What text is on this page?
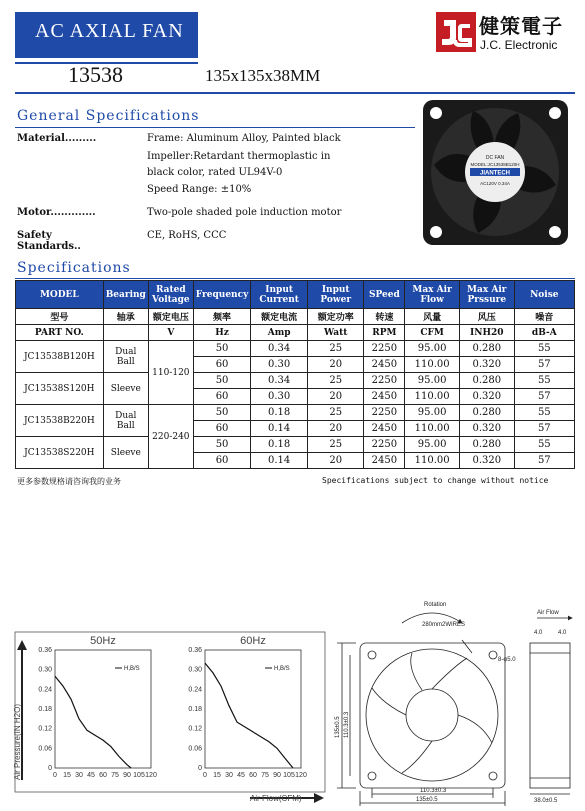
AC AXIAL FAN
13538	135x135x38MM
健策電子
J.C. Electronic
General Specifications
Material.........	Frame: Aluminum Alloy, Painted black
Impeller:Retardant thermoplastic in
black color, rated UL94V-0
Speed Range: ±10%
Motor.............	Two-pole shaded pole induction motor
Safety Standards..
CE, RoHS, CCC
DC FAN
MODEL:JC13538B120H
JIANTECH
AC120V 0.34A
Specifications
MODEL	Bearing	Rated Voltage	Frequency	Input Current	Input Power	SPeed	Max Air Flow	Max Air Prssure	Noise
型号	轴承	额定电压	频率	额定电流	额定功率	转速	风量	风压	噪音
PART NO.		V	Hz	Amp	Watt	RPM	CFM	INH20	dB-A
JC13538B120H	Dual Ball	110-120	50	0.34	25	2250	95.00	0.280	55
			60	0.30	20	2450	110.00	0.320	57
JC13538S120H	Sleeve		50	0.34	25	2250	95.00	0.280	55
			60	0.30	20	2450	110.00	0.320	57
JC13538B220H	Dual Ball	220-240	50	0.18	25	2250	95.00	0.280	55
			60	0.14	20	2450	110.00	0.320	57
JC13538S220H	Sleeve		50	0.18	25	2250	95.00	0.280	55
			60	0.14	20	2450	110.00	0.320	57
更多参数规格请咨询我的业务	Specifications subject to change without notice
Air Pressure(IN H2O)
Air Flow(CFM)
50Hz
0
0.06
0.12
0.18
0.24
0.30
0.36
0 15 30 45 60 75 90 105 120
H,B/S
60Hz
0
0.06
0.12
0.18
0.24
0.30
0.36
0 15 30 45 60 75 90 105 120
H,B/S
Rotation
280mm2WIRES
8-φ5.0
Air Flow
4.0	4.0
110.3±0.3
135±0.5	38.0±0.5
135±0.5 110.3±0.3
